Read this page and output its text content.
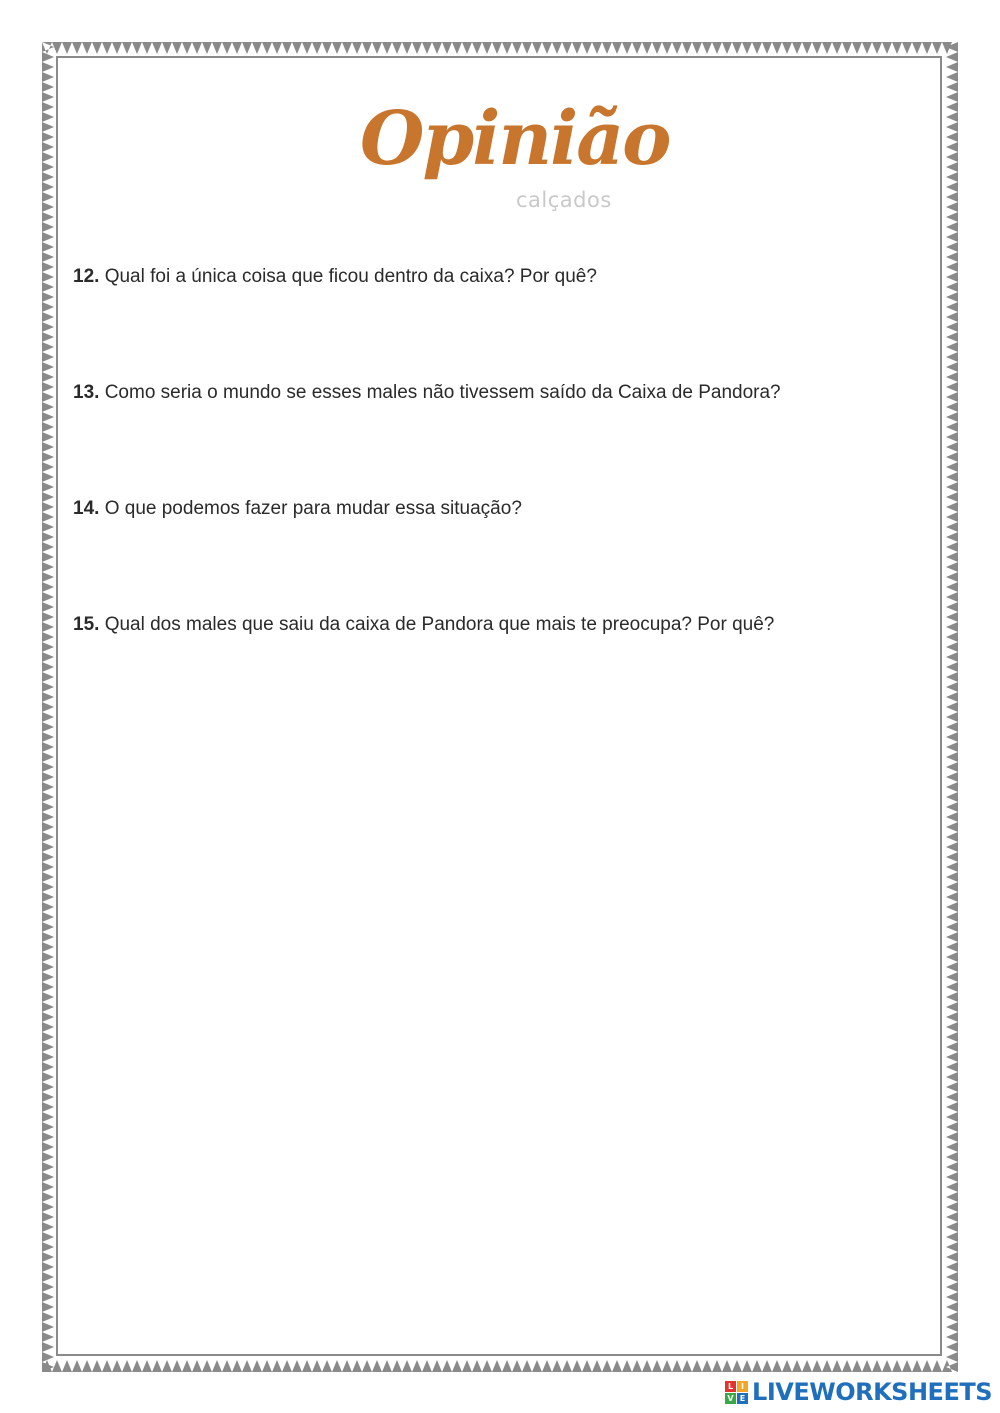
Opinião
calçados
12. Qual foi a única coisa que ficou dentro da caixa? Por quê?
13. Como seria o mundo se esses males não tivessem saído da Caixa de Pandora?
14. O que podemos fazer para mudar essa situação?
15. Qual dos males que saiu da caixa de Pandora que mais te preocupa? Por quê?
L I
V E LIVEWORKSHEETS
